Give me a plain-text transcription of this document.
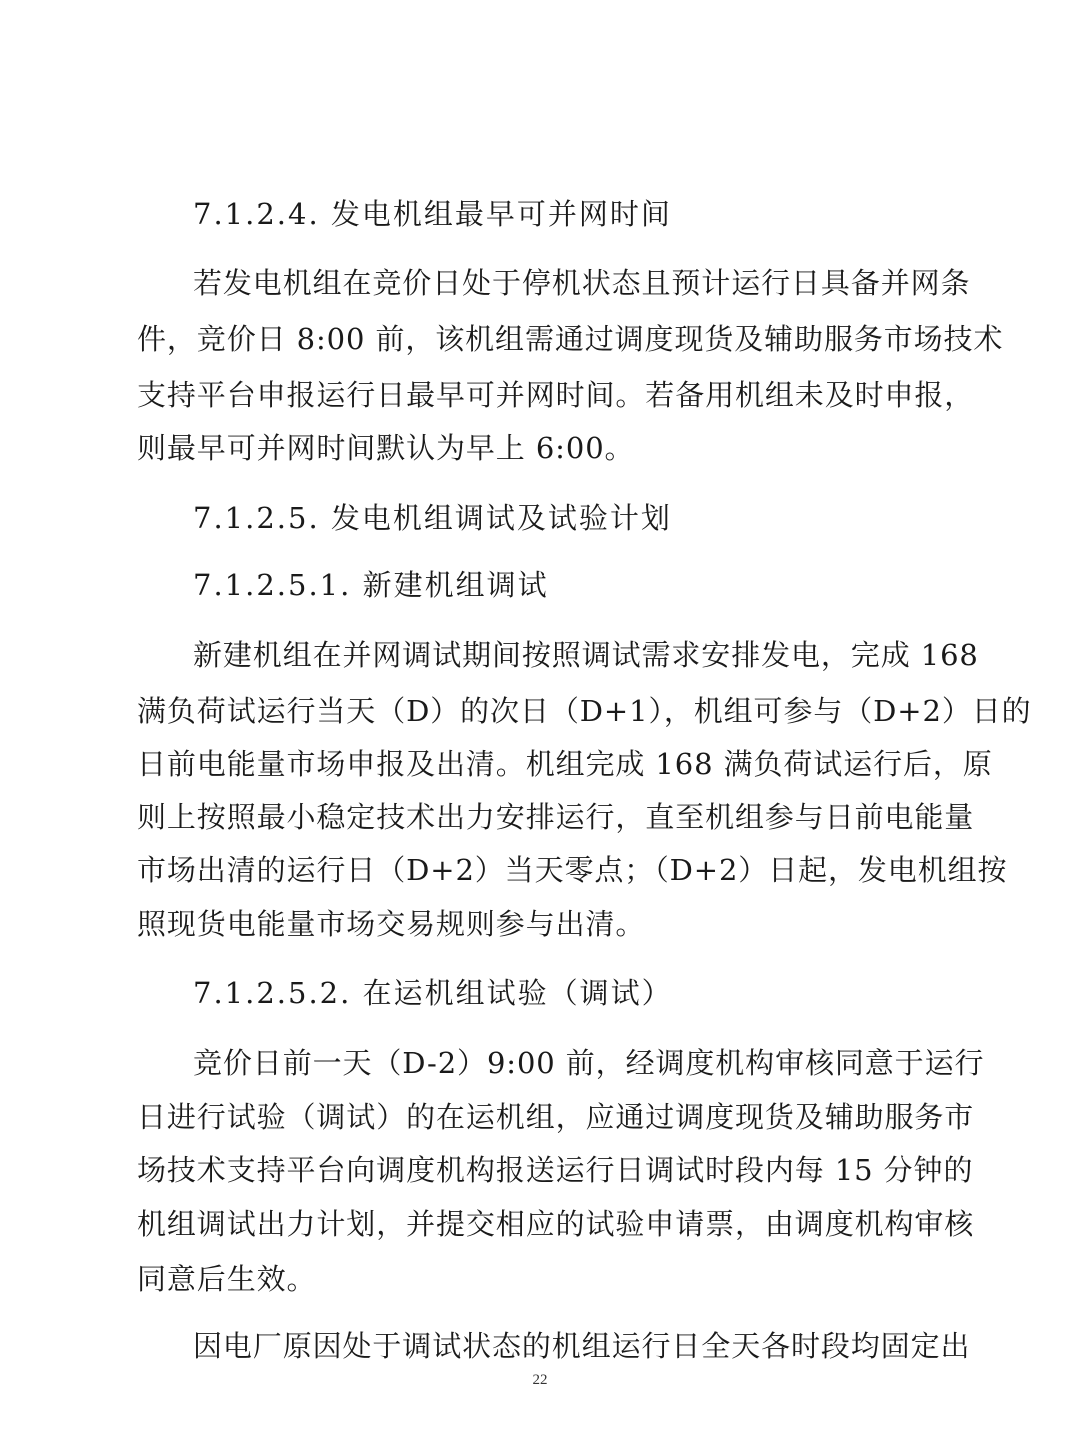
7.1.2.4. 发电机组最早可并网时间
若发电机组在竞价日处于停机状态且预计运行日具备并网条
件，竞价日 8:00 前，该机组需通过调度现货及辅助服务市场技术
支持平台申报运行日最早可并网时间。若备用机组未及时申报，
则最早可并网时间默认为早上 6:00。
7.1.2.5. 发电机组调试及试验计划
7.1.2.5.1. 新建机组调试
新建机组在并网调试期间按照调试需求安排发电，完成 168
满负荷试运行当天（D）的次日（D+1），机组可参与（D+2）日的
日前电能量市场申报及出清。机组完成 168 满负荷试运行后，原
则上按照最小稳定技术出力安排运行，直至机组参与日前电能量
市场出清的运行日（D+2）当天零点；（D+2）日起，发电机组按
照现货电能量市场交易规则参与出清。
7.1.2.5.2. 在运机组试验（调试）
竞价日前一天（D-2）9:00 前，经调度机构审核同意于运行
日进行试验（调试）的在运机组，应通过调度现货及辅助服务市
场技术支持平台向调度机构报送运行日调试时段内每 15 分钟的
机组调试出力计划，并提交相应的试验申请票，由调度机构审核
同意后生效。
因电厂原因处于调试状态的机组运行日全天各时段均固定出
22
